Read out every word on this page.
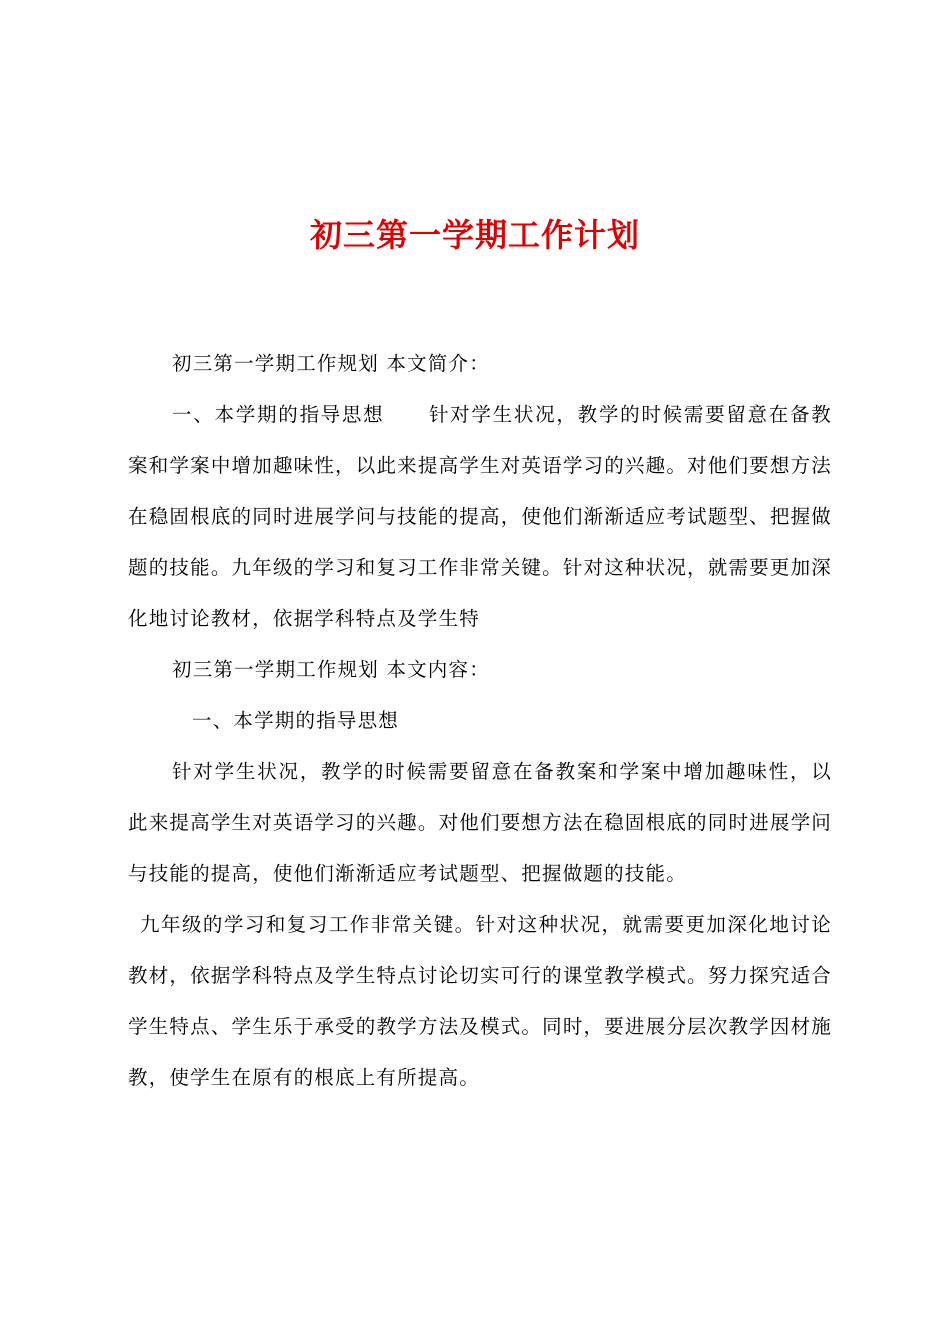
初三第一学期工作计划

初三第一学期工作规划 本文简介：

一、本学期的指导思想 针对学生状况，教学的时候需要留意在备教案和学案中增加趣味性，以此来提高学生对英语学习的兴趣。对他们要想方法在稳固根底的同时进展学问与技能的提高，使他们渐渐适应考试题型、把握做题的技能。九年级的学习和复习工作非常关键。针对这种状况，就需要更加深化地讨论教材，依据学科特点及学生特

初三第一学期工作规划 本文内容：

一、本学期的指导思想

针对学生状况，教学的时候需要留意在备教案和学案中增加趣味性，以此来提高学生对英语学习的兴趣。对他们要想方法在稳固根底的同时进展学问与技能的提高，使他们渐渐适应考试题型、把握做题的技能。

九年级的学习和复习工作非常关键。针对这种状况，就需要更加深化地讨论教材，依据学科特点及学生特点讨论切实可行的课堂教学模式。努力探究适合学生特点、学生乐于承受的教学方法及模式。同时，要进展分层次教学因材施教，使学生在原有的根底上有所提高。
